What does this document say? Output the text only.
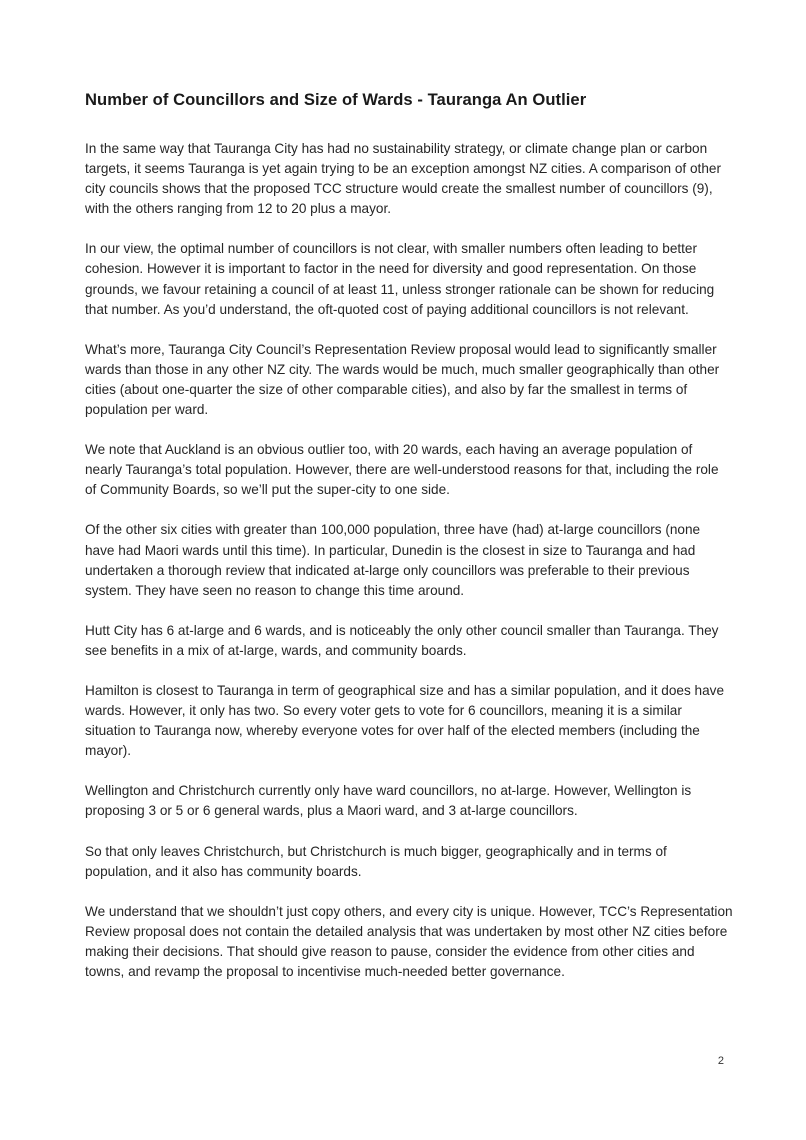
Number of Councillors and Size of Wards - Tauranga An Outlier

In the same way that Tauranga City has had no sustainability strategy, or climate change plan or carbon targets, it seems Tauranga is yet again trying to be an exception amongst NZ cities. A comparison of other city councils shows that the proposed TCC structure would create the smallest number of councillors (9), with the others ranging from 12 to 20 plus a mayor.

In our view, the optimal number of councillors is not clear, with smaller numbers often leading to better cohesion. However it is important to factor in the need for diversity and good representation. On those grounds, we favour retaining a council of at least 11, unless stronger rationale can be shown for reducing that number. As you’d understand, the oft-quoted cost of paying additional councillors is not relevant.

What’s more, Tauranga City Council’s Representation Review proposal would lead to significantly smaller wards than those in any other NZ city. The wards would be much, much smaller geographically than other cities (about one-quarter the size of other comparable cities), and also by far the smallest in terms of population per ward.

We note that Auckland is an obvious outlier too, with 20 wards, each having an average population of nearly Tauranga’s total population. However, there are well-understood reasons for that, including the role of Community Boards, so we’ll put the super-city to one side.

Of the other six cities with greater than 100,000 population, three have (had) at-large councillors (none have had Maori wards until this time). In particular, Dunedin is the closest in size to Tauranga and had undertaken a thorough review that indicated at-large only councillors was preferable to their previous system. They have seen no reason to change this time around.

Hutt City has 6 at-large and 6 wards, and is noticeably the only other council smaller than Tauranga. They see benefits in a mix of at-large, wards, and community boards.

Hamilton is closest to Tauranga in term of geographical size and has a similar population, and it does have wards. However, it only has two. So every voter gets to vote for 6 councillors, meaning it is a similar situation to Tauranga now, whereby everyone votes for over half of the elected members (including the mayor).

Wellington and Christchurch currently only have ward councillors, no at-large. However, Wellington is proposing 3 or 5 or 6 general wards, plus a Maori ward, and 3 at-large councillors.

So that only leaves Christchurch, but Christchurch is much bigger, geographically and in terms of population, and it also has community boards.

We understand that we shouldn’t just copy others, and every city is unique. However, TCC’s Representation Review proposal does not contain the detailed analysis that was undertaken by most other NZ cities before making their decisions. That should give reason to pause, consider the evidence from other cities and towns, and revamp the proposal to incentivise much-needed better governance.

2
